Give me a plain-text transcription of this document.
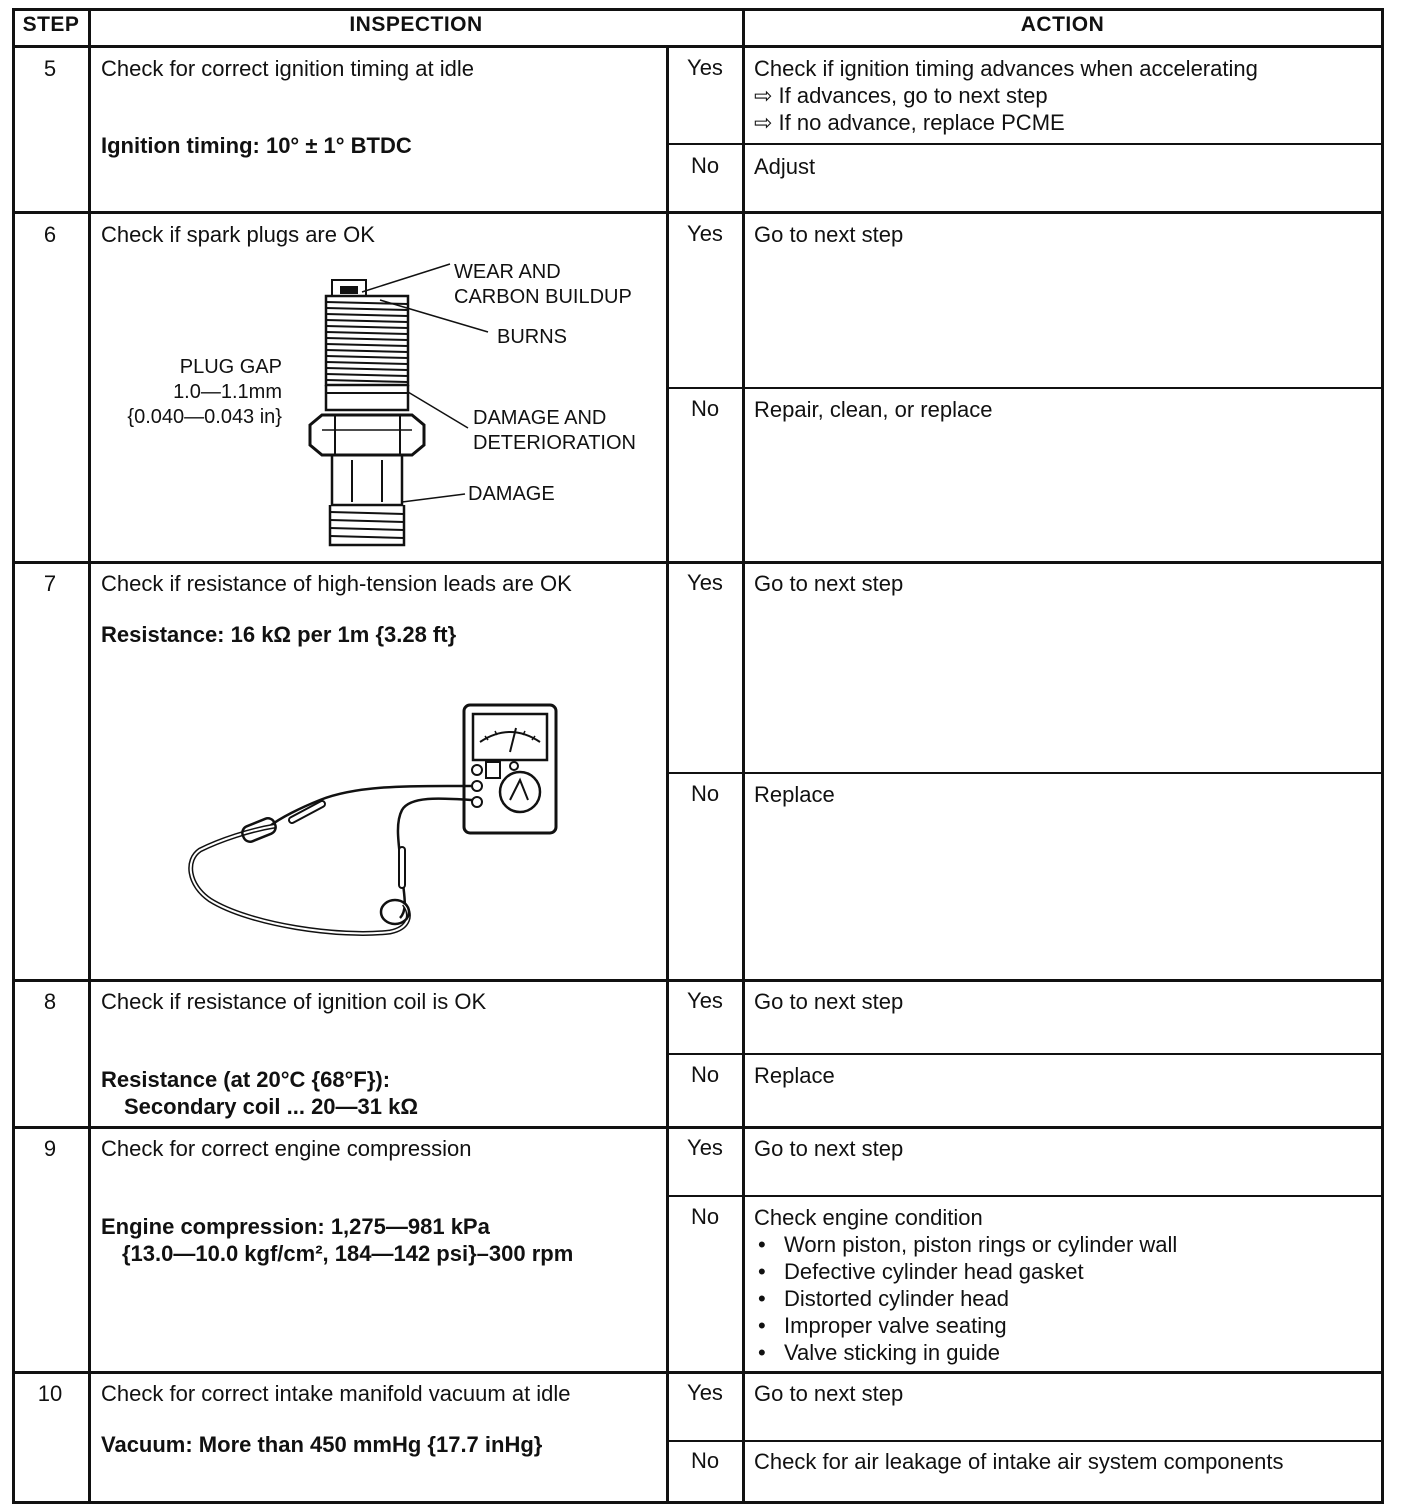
STEP	INSPECTION	ACTION
5	Check for correct ignition timing at idle
Ignition timing: 10° ± 1° BTDC
Yes	Check if ignition timing advances when accelerating
⇨ If advances, go to next step
⇨ If no advance, replace PCME
No	Adjust
6	Check if spark plugs are OK
WEAR AND
CARBON BUILDUP
BURNS
PLUG GAP
1.0—1.1mm
{0.040—0.043 in}	DAMAGE AND
DETERIORATION
DAMAGE
Yes	Go to next step
No	Repair, clean, or replace
7	Check if resistance of high-tension leads are OK
Resistance: 16 kΩ per 1m {3.28 ft}
Yes	Go to next step
No	Replace
8	Check if resistance of ignition coil is OK
Resistance (at 20°C {68°F}):
Secondary coil ... 20—31 kΩ
Yes	Go to next step
No	Replace
9	Check for correct engine compression
Engine compression: 1,275—981 kPa
{13.0—10.0 kgf/cm², 184—142 psi}–300 rpm
Yes	Go to next step
No	Check engine condition
• Worn piston, piston rings or cylinder wall
• Defective cylinder head gasket
• Distorted cylinder head
• Improper valve seating
• Valve sticking in guide
10	Check for correct intake manifold vacuum at idle
Vacuum: More than 450 mmHg {17.7 inHg}
Yes	Go to next step
No	Check for air leakage of intake air system components
